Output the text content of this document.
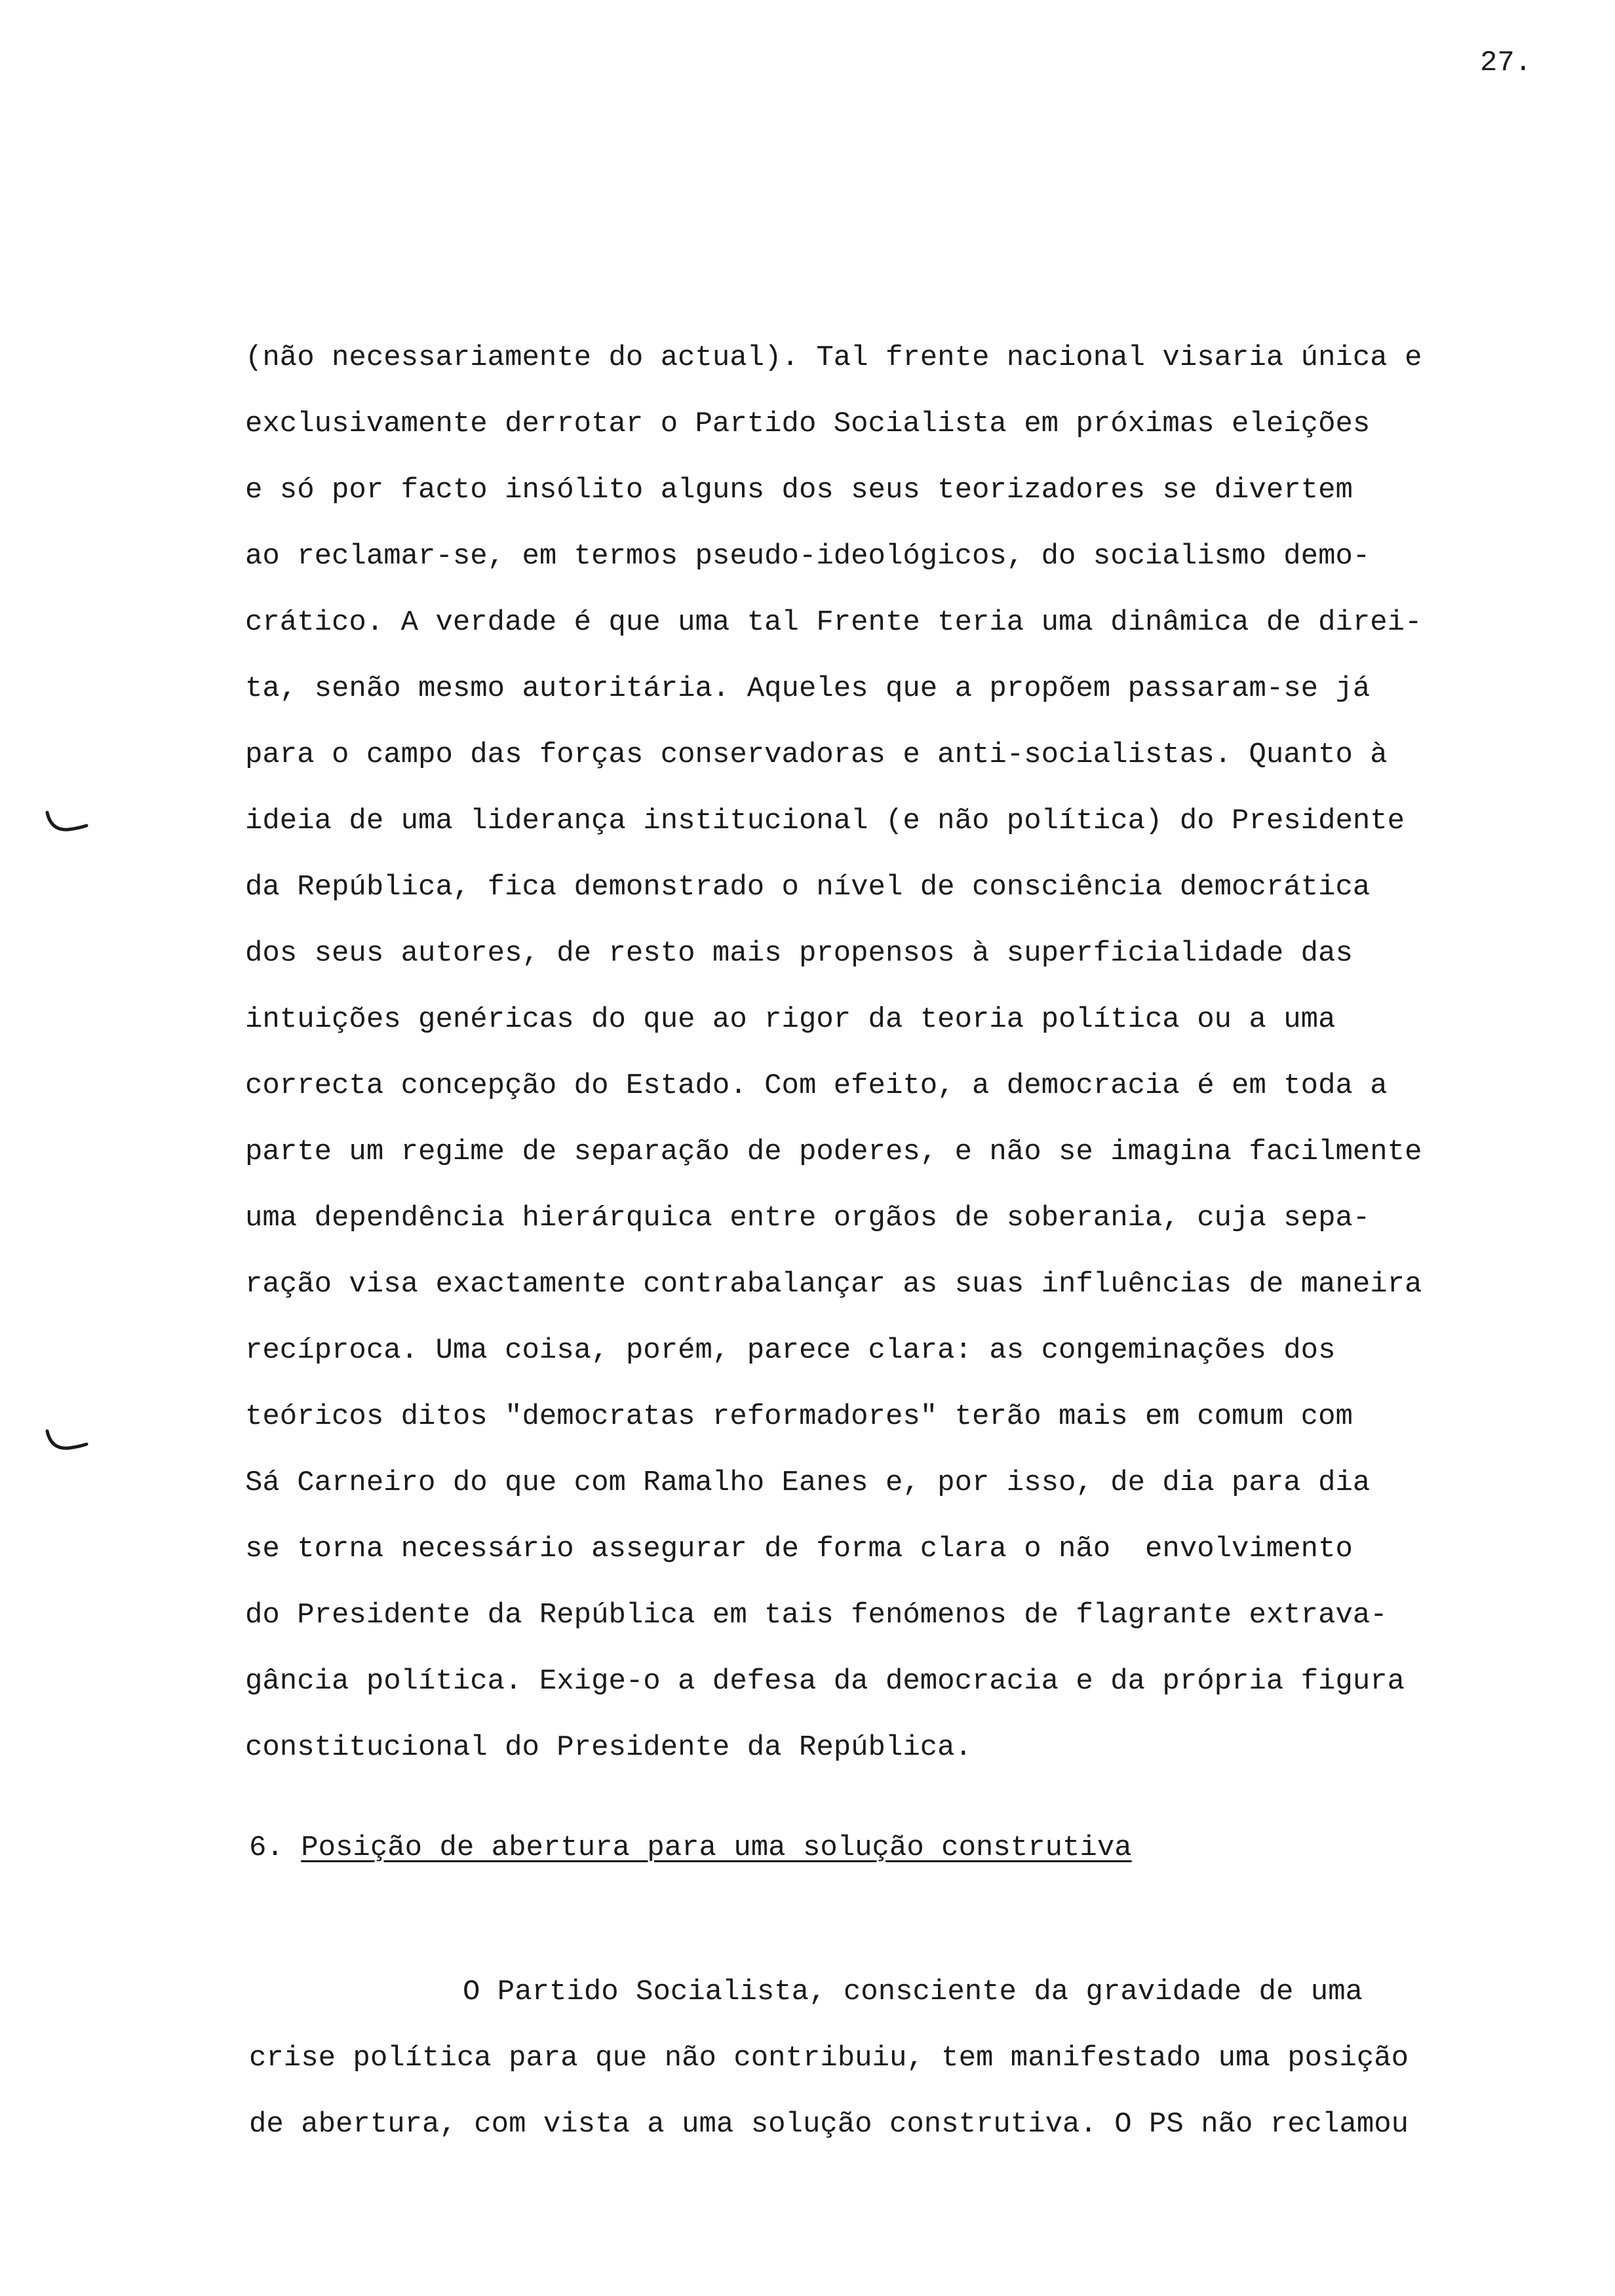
27.
(não necessariamente do actual). Tal frente nacional visaria única e
exclusivamente derrotar o Partido Socialista em próximas eleições
e só por facto insólito alguns dos seus teorizadores se divertem
ao reclamar-se, em termos pseudo-ideológicos, do socialismo demo-
crático. A verdade é que uma tal Frente teria uma dinâmica de direi-
ta, senão mesmo autoritária. Aqueles que a propõem passaram-se já
para o campo das forças conservadoras e anti-socialistas. Quanto à
ideia de uma liderança institucional (e não política) do Presidente
da República, fica demonstrado o nível de consciência democrática
dos seus autores, de resto mais propensos à superficialidade das
intuições genéricas do que ao rigor da teoria política ou a uma
correcta concepção do Estado. Com efeito, a democracia é em toda a
parte um regime de separação de poderes, e não se imagina facilmente
uma dependência hierárquica entre orgãos de soberania, cuja sepa-
ração visa exactamente contrabalançar as suas influências de maneira
recíproca. Uma coisa, porém, parece clara: as congeminações dos
teóricos ditos "democratas reformadores" terão mais em comum com
Sá Carneiro do que com Ramalho Eanes e, por isso, de dia para dia
se torna necessário assegurar de forma clara o não  envolvimento
do Presidente da República em tais fenómenos de flagrante extrava-
gância política. Exige-o a defesa da democracia e da própria figura
constitucional do Presidente da República.
6. Posição de abertura para uma solução construtiva
O Partido Socialista, consciente da gravidade de uma
crise política para que não contribuiu, tem manifestado uma posição
de abertura, com vista a uma solução construtiva. O PS não reclamou
